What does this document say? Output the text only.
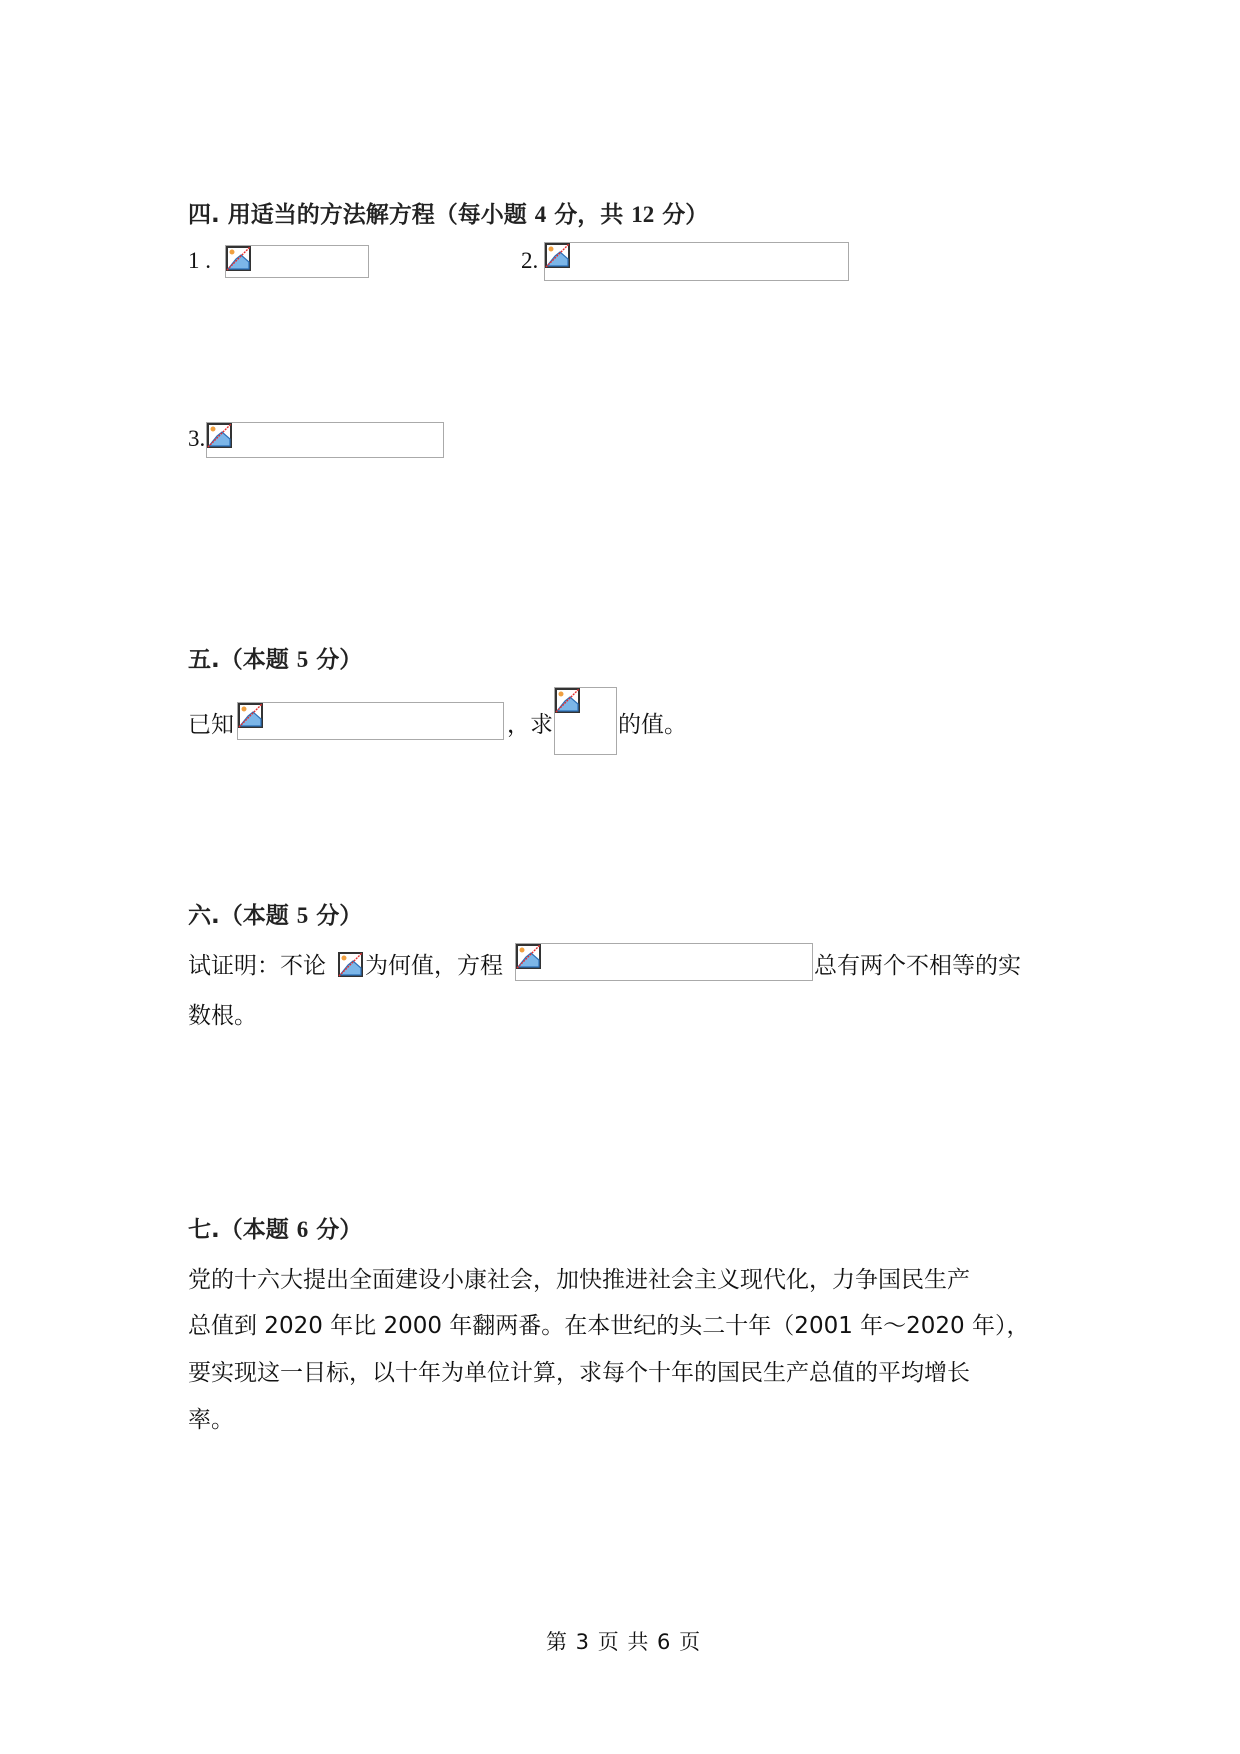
四. 用适当的方法解方程（每小题 4 分，共 12 分）
1 .	2.
3.
五.（本题 5 分）
已知	，求	的值。
六.（本题 5 分）
试证明：不论 为何值，方程	总有两个不相等的实
数根。
七.（本题 6 分）
党的十六大提出全面建设小康社会，加快推进社会主义现代化，力争国民生产
总值到 2020 年比 2000 年翻两番。在本世纪的头二十年（2001 年～2020 年），
要实现这一目标，以十年为单位计算，求每个十年的国民生产总值的平均增长
率。
第 3 页 共 6 页
